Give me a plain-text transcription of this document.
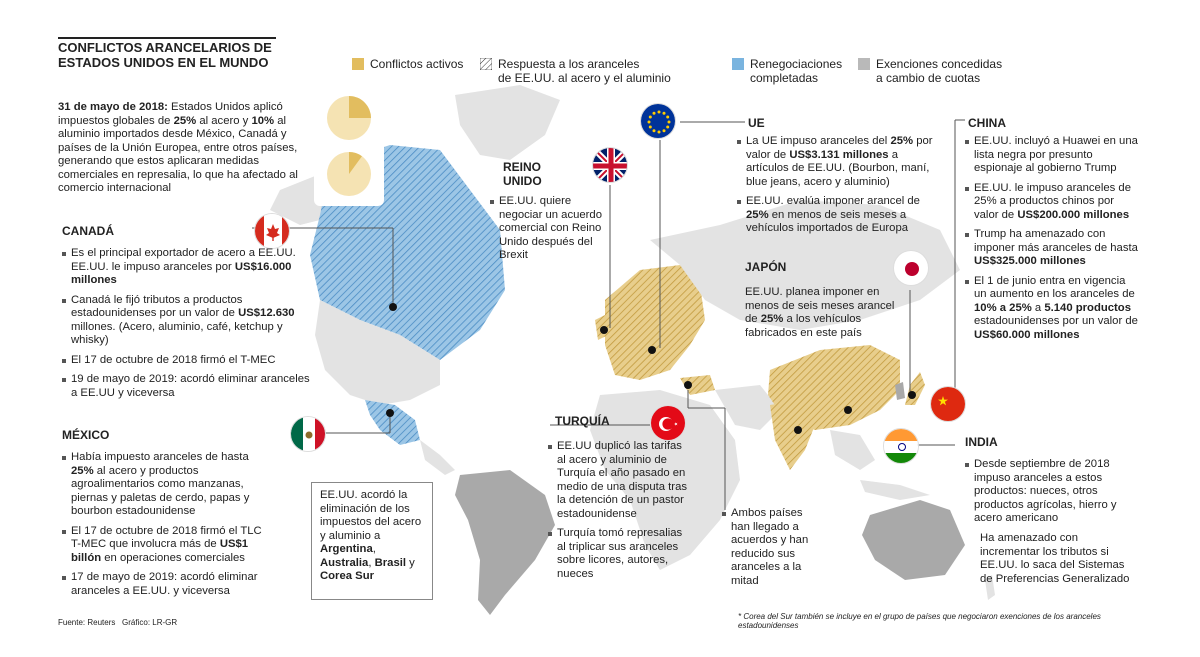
CONFLICTOS ARANCELARIOS DE
ESTADOS UNIDOS EN EL MUNDO	Conflictos activos	Respuesta a los aranceles
de EE.UU. al acero y el aluminio
Renegociaciones
completadas
Exenciones concedidas
a cambio de cuotas
31 de mayo de 2018: Estados Unidos aplicó impuestos globales de 25% al acero y 10% al aluminio importados desde México, Canadá y países de la Unión Europea, entre otros países, generando que estos aplicaran medidas comerciales en represalia, lo que ha afectado al comercio internacional
CANADÁ
Es el principal exportador de acero a EE.UU.
EE.UU. le impuso aranceles por US$16.000 millones
Canadá le fijó tributos a productos estadounidenses por un valor de US$12.630 millones. (Acero, aluminio, café, ketchup y whisky)
El 17 de octubre de 2018 firmó el T-MEC
19 de mayo de 2019: acordó eliminar aranceles a EE.UU y viceversa
MÉXICO
Había impuesto aranceles de hasta 25% al acero y productos agroalimentarios como manzanas, piernas y paletas de cerdo, papas y bourbon estadounidense
El 17 de octubre de 2018 firmó el TLC T-MEC que involucra más de US$1 billón en operaciones comerciales
17 de mayo de 2019: acordó eliminar aranceles a EE.UU. y viceversa
EE.UU. acordó la eliminación de los impuestos del acero y aluminio a Argentina, Australia, Brasil y Corea Sur
REINO
UNIDO
EE.UU. quiere negociar un acuerdo comercial con Reino Unido después del Brexit
UE
La UE impuso aranceles del 25% por valor de US$3.131 millones a artículos de EE.UU. (Bourbon, maní, blue jeans, acero y aluminio)
EE.UU. evalúa imponer arancel de 25% en menos de seis meses a vehículos importados de Europa
JAPÓN
EE.UU. planea imponer en menos de seis meses arancel de 25% a los vehículos fabricados en este país
CHINA
EE.UU. incluyó a Huawei en una lista negra por presunto espionaje al gobierno Trump
EE.UU. le impuso aranceles de 25% a productos chinos por valor de US$200.000 millones
Trump ha amenazado con imponer más aranceles de hasta US$325.000 millones
El 1 de junio entra en vigencia un aumento en los aranceles de 10% a 25% a 5.140 productos estadounidenses por un valor de US$60.000 millones
INDIA
Desde septiembre de 2018 impuso aranceles a estos productos: nueces, otros productos agrícolas, hierro y acero americano
Ha amenazado con incrementar los tributos si EE.UU. lo saca del Sistemas de Preferencias Generalizado
TURQUÍA
EE.UU duplicó las tarifas al acero y aluminio de Turquía el año pasado en medio de una disputa tras la detención de un pastor estadounidense
Turquía tomó represalias al triplicar sus aranceles sobre licores, autores, nueces
Ambos países han llegado a acuerdos y han reducido sus aranceles a la mitad
Fuente: Reuters Gráfico: LR-GR
* Corea del Sur también se incluye en el grupo de países que negociaron exenciones de los aranceles estadounidenses
